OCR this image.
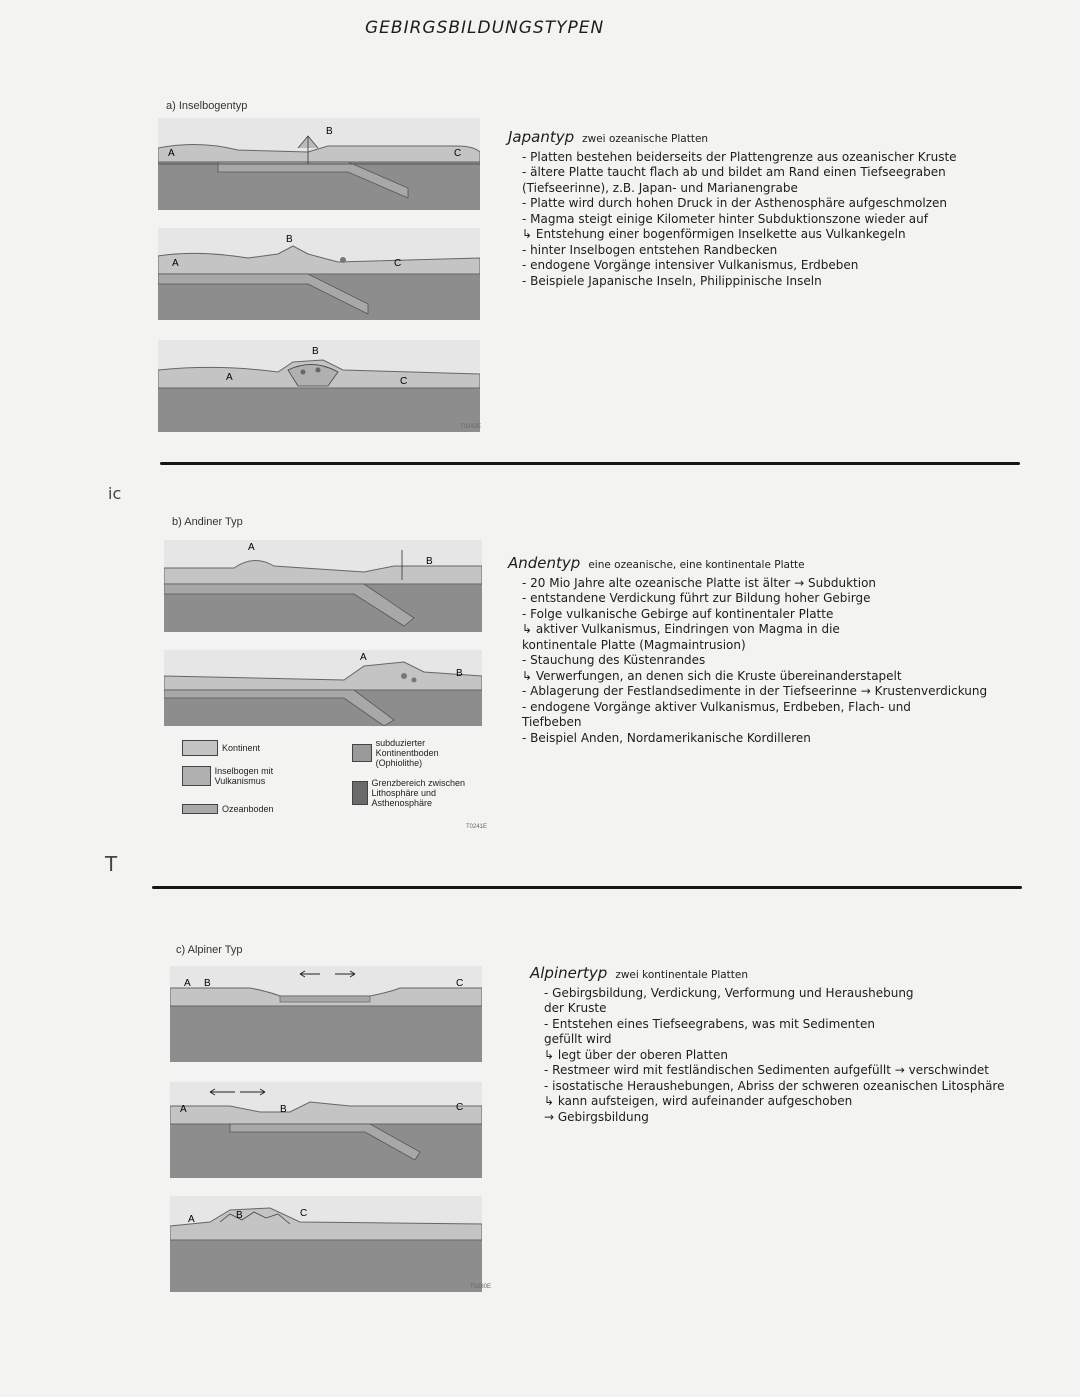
GEBIRGSBILDUNGSTYPEN
ic
T
a) Inselbogentyp
A
B
C
A
B
C
A
B
C
T0242E
Japantyp zwei ozeanische Platten
- Platten bestehen beiderseits der Plattengrenze aus ozeanischer Kruste
- ältere Platte taucht flach ab und bildet am Rand einen Tiefseegraben
(Tiefseerinne), z.B. Japan- und Marianengrabe
- Platte wird durch hohen Druck in der Asthenosphäre aufgeschmolzen
- Magma steigt einige Kilometer hinter Subduktionszone wieder auf
↳ Entstehung einer bogenförmigen Inselkette aus Vulkankegeln
- hinter Inselbogen entstehen Randbecken
- endogene Vorgänge intensiver Vulkanismus, Erdbeben
- Beispiele Japanische Inseln, Philippinische Inseln
b) Andiner Typ
A
B
A
B
Kontinent
Inselbogen mit Vulkanismus
Ozeanboden
subduzierter Kontinentboden (Ophiolithe)
Grenzbereich zwischen Lithosphäre und Asthenosphäre
T0241E
Andentyp eine ozeanische, eine kontinentale Platte
- 20 Mio Jahre alte ozeanische Platte ist älter → Subduktion
- entstandene Verdickung führt zur Bildung hoher Gebirge
- Folge vulkanische Gebirge auf kontinentaler Platte
↳ aktiver Vulkanismus, Eindringen von Magma in die
kontinentale Platte (Magmaintrusion)
- Stauchung des Küstenrandes
↳ Verwerfungen, an denen sich die Kruste übereinanderstapelt
- Ablagerung der Festlandsedimente in der Tiefseerinne → Krustenverdickung
- endogene Vorgänge aktiver Vulkanismus, Erdbeben, Flach- und
Tiefbeben
- Beispiel Anden, Nordamerikanische Kordilleren
c) Alpiner Typ
A B	C
A	B	C
A	B	C
T0280E
Alpinertyp zwei kontinentale Platten
- Gebirgsbildung, Verdickung, Verformung und Heraushebung
der Kruste
- Entstehen eines Tiefseegrabens, was mit Sedimenten
gefüllt wird
↳ legt über der oberen Platten
- Restmeer wird mit festländischen Sedimenten aufgefüllt → verschwindet
- isostatische Heraushebungen, Abriss der schweren ozeanischen Litosphäre
↳ kann aufsteigen, wird aufeinander aufgeschoben
→ Gebirgsbildung
